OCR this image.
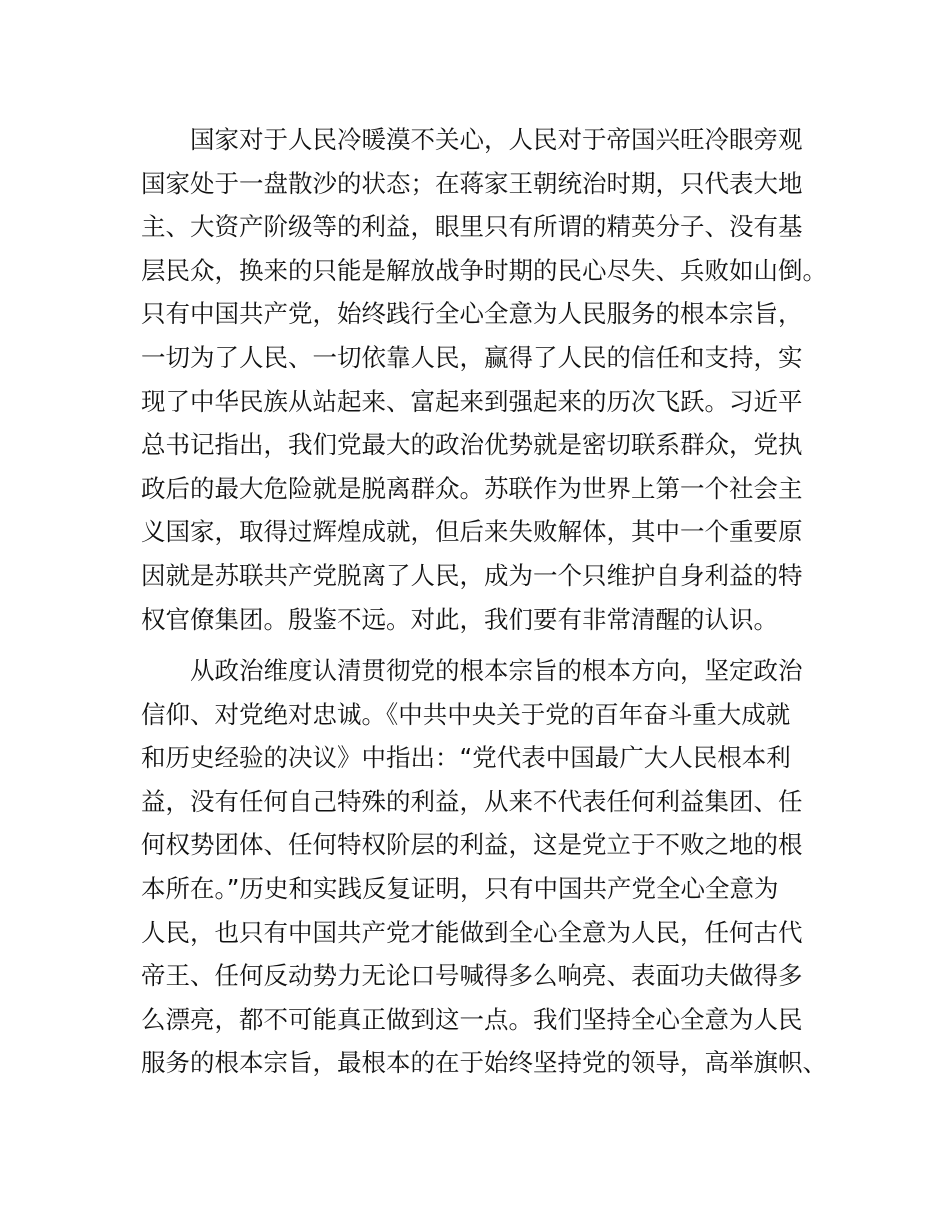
国家对于人民冷暖漠不关心，人民对于帝国兴旺冷眼旁观
国家处于一盘散沙的状态；在蒋家王朝统治时期，只代表大地
主、大资产阶级等的利益，眼里只有所谓的精英分子、没有基
层民众，换来的只能是解放战争时期的民心尽失、兵败如山倒。
只有中国共产党，始终践行全心全意为人民服务的根本宗旨，
一切为了人民、一切依靠人民，赢得了人民的信任和支持，实
现了中华民族从站起来、富起来到强起来的历次飞跃。习近平
总书记指出，我们党最大的政治优势就是密切联系群众，党执
政后的最大危险就是脱离群众。苏联作为世界上第一个社会主
义国家，取得过辉煌成就，但后来失败解体，其中一个重要原
因就是苏联共产党脱离了人民，成为一个只维护自身利益的特
权官僚集团。殷鉴不远。对此，我们要有非常清醒的认识。
从政治维度认清贯彻党的根本宗旨的根本方向，坚定政治
信仰、对党绝对忠诚。《中共中央关于党的百年奋斗重大成就
和历史经验的决议》中指出：“党代表中国最广大人民根本利
益，没有任何自己特殊的利益，从来不代表任何利益集团、任
何权势团体、任何特权阶层的利益，这是党立于不败之地的根
本所在。”历史和实践反复证明，只有中国共产党全心全意为
人民，也只有中国共产党才能做到全心全意为人民，任何古代
帝王、任何反动势力无论口号喊得多么响亮、表面功夫做得多
么漂亮，都不可能真正做到这一点。我们坚持全心全意为人民
服务的根本宗旨，最根本的在于始终坚持党的领导，高举旗帜、
